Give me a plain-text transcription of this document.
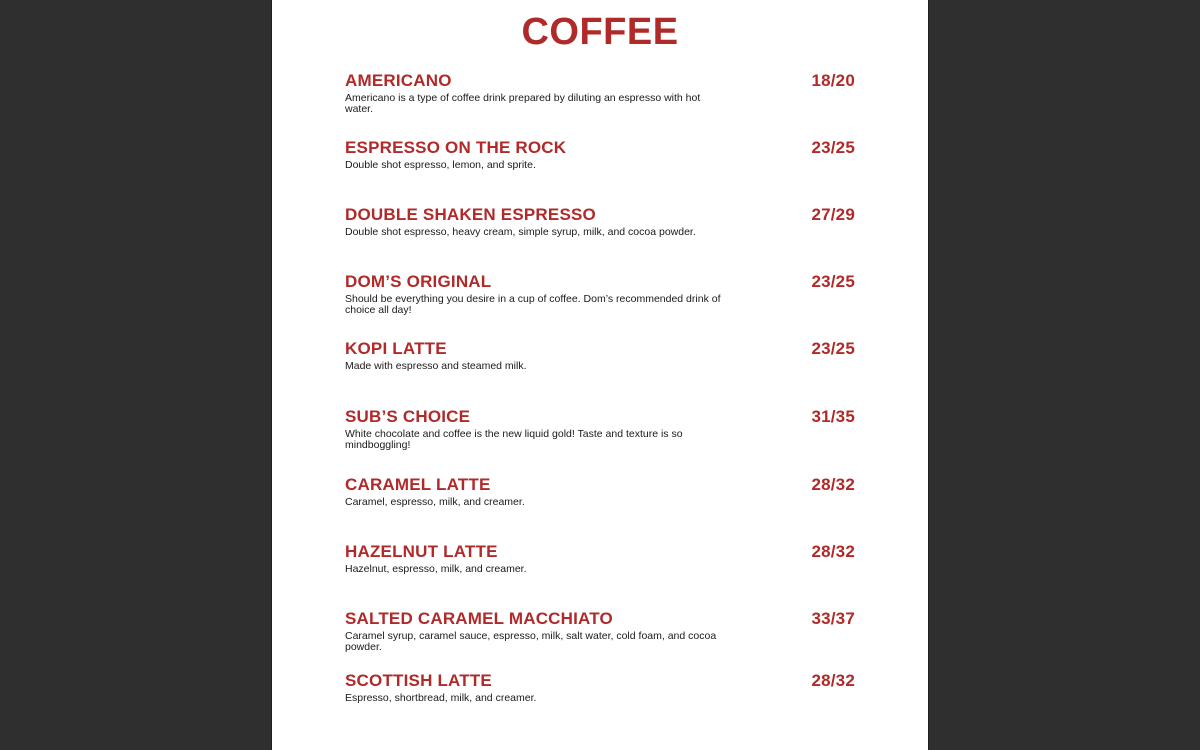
COFFEE
AMERICANO	18/20
Americano is a type of coffee drink prepared by diluting an espresso with hot water.
ESPRESSO ON THE ROCK	23/25
Double shot espresso, lemon, and sprite.
DOUBLE SHAKEN ESPRESSO	27/29
Double shot espresso, heavy cream, simple syrup, milk, and cocoa powder.
DOM’S ORIGINAL	23/25
Should be everything you desire in a cup of coffee. Dom’s recommended drink of choice all day!
KOPI LATTE	23/25
Made with espresso and steamed milk.
SUB’S CHOICE	31/35
White chocolate and coffee is the new liquid gold! Taste and texture is so mindboggling!
CARAMEL LATTE	28/32
Caramel, espresso, milk, and creamer.
HAZELNUT LATTE	28/32
Hazelnut, espresso, milk, and creamer.
SALTED CARAMEL MACCHIATO	33/37
Caramel syrup, caramel sauce, espresso, milk, salt water, cold foam, and cocoa powder.
SCOTTISH LATTE	28/32
Espresso, shortbread, milk, and creamer.
